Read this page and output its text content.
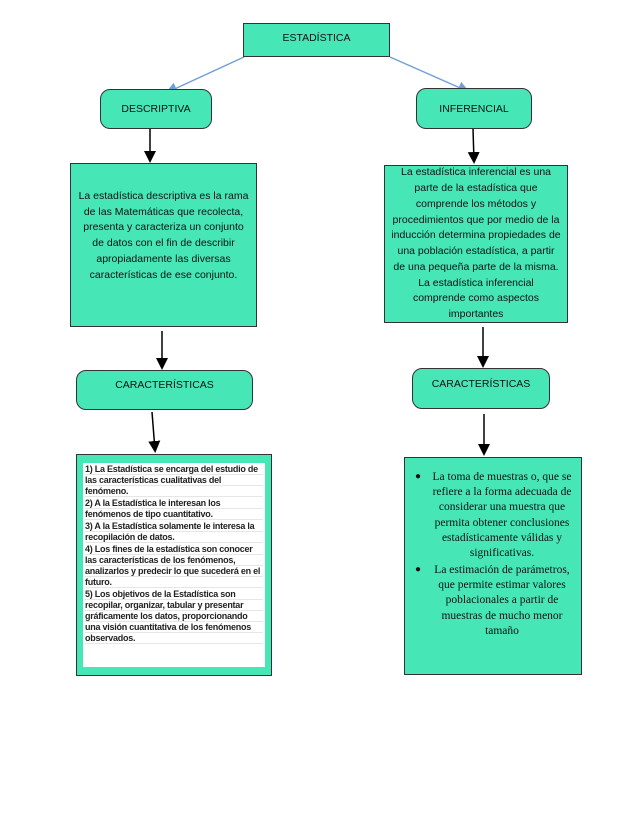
ESTADÍSTICA
DESCRIPTIVA	INFERENCIAL
La estadística descriptiva es la rama de las Matemáticas que recolecta, presenta y caracteriza un conjunto de datos con el fin de describir apropiadamente las diversas características de ese conjunto.
La estadística inferencial es una parte de la estadística que comprende los métodos y procedimientos que por medio de la inducción determina propiedades de una población estadística, a partir de una pequeña parte de la misma. La estadística inferencial comprende como aspectos importantes
CARACTERÍSTICAS	CARACTERÍSTICAS
1) La Estadística se encarga del estudio de las características cualitativas del fenómeno.
2) A la Estadística le interesan los fenómenos de tipo cuantitativo.
3) A la Estadística solamente le interesa la recopilación de datos.
4) Los fines de la estadística son conocer las características de los fenómenos, analizarlos y predecir lo que sucederá en el futuro.
5) Los objetivos de la Estadística son recopilar, organizar, tabular y presentar gráficamente los datos, proporcionando una visión cuantitativa de los fenómenos observados.
● La toma de muestras o, que se refiere a la forma adecuada de considerar una muestra que permita obtener conclusiones estadísticamente válidas y significativas.
● La estimación de parámetros, que permite estimar valores poblacionales a partir de muestras de mucho menor tamaño
